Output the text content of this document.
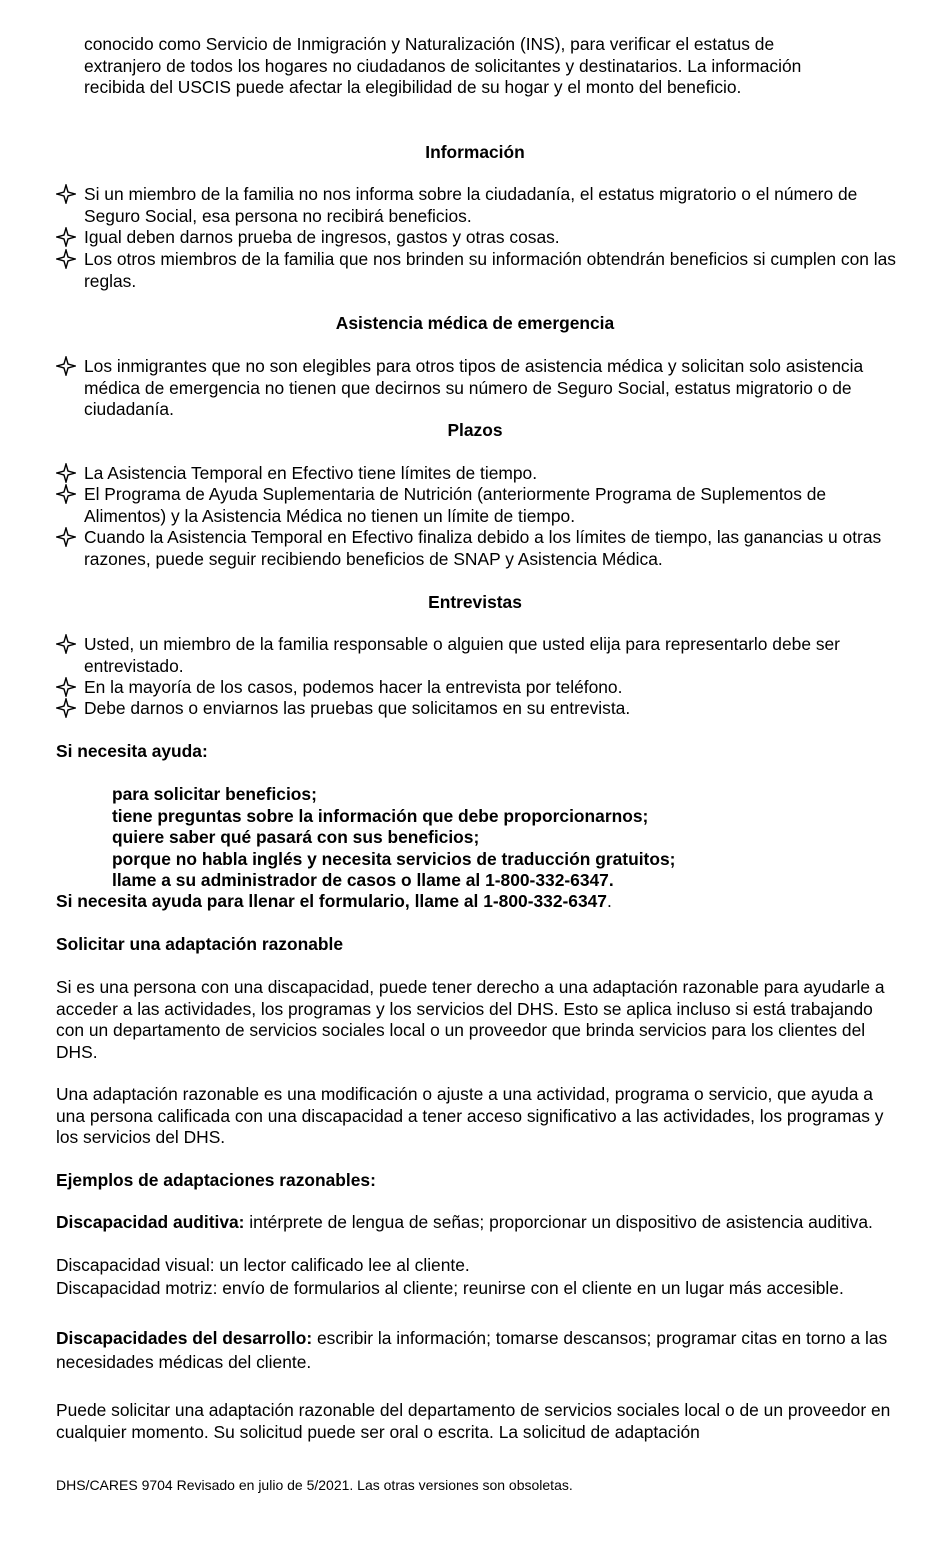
conocido como Servicio de Inmigración y Naturalización (INS), para verificar el estatus de
extranjero de todos los hogares no ciudadanos de solicitantes y destinatarios. La información
recibida del USCIS puede afectar la elegibilidad de su hogar y el monto del beneficio.
Información
Si un miembro de la familia no nos informa sobre la ciudadanía, el estatus migratorio o el número de Seguro Social, esa persona no recibirá beneficios.
Igual deben darnos prueba de ingresos, gastos y otras cosas.
Los otros miembros de la familia que nos brinden su información obtendrán beneficios si cumplen con las reglas.
Asistencia médica de emergencia
Los inmigrantes que no son elegibles para otros tipos de asistencia médica y solicitan solo asistencia médica de emergencia no tienen que decirnos su número de Seguro Social, estatus migratorio o de ciudadanía.
Plazos
La Asistencia Temporal en Efectivo tiene límites de tiempo.
El Programa de Ayuda Suplementaria de Nutrición (anteriormente Programa de Suplementos de Alimentos) y la Asistencia Médica no tienen un límite de tiempo.
Cuando la Asistencia Temporal en Efectivo finaliza debido a los límites de tiempo, las ganancias u otras razones, puede seguir recibiendo beneficios de SNAP y Asistencia Médica.
Entrevistas
Usted, un miembro de la familia responsable o alguien que usted elija para representarlo debe ser entrevistado.
En la mayoría de los casos, podemos hacer la entrevista por teléfono.
Debe darnos o enviarnos las pruebas que solicitamos en su entrevista.
Si necesita ayuda:
para solicitar beneficios;
tiene preguntas sobre la información que debe proporcionarnos;
quiere saber qué pasará con sus beneficios;
porque no habla inglés y necesita servicios de traducción gratuitos;
llame a su administrador de casos o llame al 1-800-332-6347.
Si necesita ayuda para llenar el formulario, llame al 1-800-332-6347.
Solicitar una adaptación razonable
Si es una persona con una discapacidad, puede tener derecho a una adaptación razonable para ayudarle a acceder a las actividades, los programas y los servicios del DHS. Esto se aplica incluso si está trabajando con un departamento de servicios sociales local o un proveedor que brinda servicios para los clientes del DHS.
Una adaptación razonable es una modificación o ajuste a una actividad, programa o servicio, que ayuda a una persona calificada con una discapacidad a tener acceso significativo a las actividades, los programas y los servicios del DHS.
Ejemplos de adaptaciones razonables:
Discapacidad auditiva: intérprete de lengua de señas; proporcionar un dispositivo de asistencia auditiva.
Discapacidad visual: un lector calificado lee al cliente.
Discapacidad motriz: envío de formularios al cliente; reunirse con el cliente en un lugar más accesible.
Discapacidades del desarrollo: escribir la información; tomarse descansos; programar citas en torno a las necesidades médicas del cliente.
Puede solicitar una adaptación razonable del departamento de servicios sociales local o de un proveedor en cualquier momento. Su solicitud puede ser oral o escrita. La solicitud de adaptación
DHS/CARES 9704 Revisado en julio de 5/2021. Las otras versiones son obsoletas.
